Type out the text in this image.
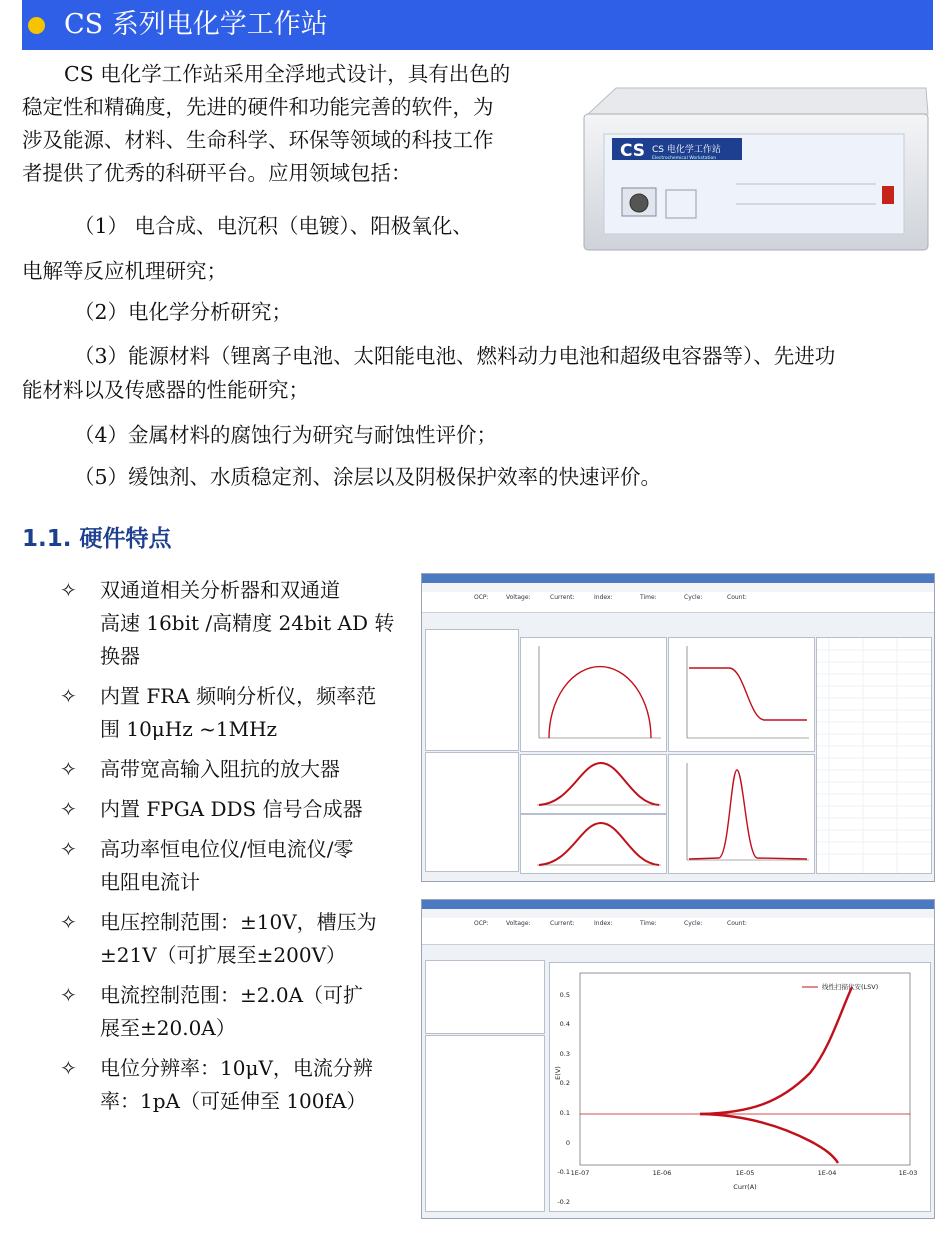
CS 系列电化学工作站
CS 电化学工作站采用全浮地式设计，具有出色的
稳定性和精确度，先进的硬件和功能完善的软件，为
涉及能源、材料、生命科学、环保等领域的科技工作
者提供了优秀的科研平台。应用领域包括：
（1） 电合成、电沉积（电镀）、阳极氧化、
电解等反应机理研究；
（2）电化学分析研究；
（3）能源材料（锂离子电池、太阳能电池、燃料动力电池和超级电容器等）、先进功
能材料以及传感器的性能研究；
（4）金属材料的腐蚀行为研究与耐蚀性评价；
（5）缓蚀剂、水质稳定剂、涂层以及阴极保护效率的快速评价。
1.1. 硬件特点
✧ 双通道相关分析器和双通道
高速 16bit /高精度 24bit AD 转
换器
✧ 内置 FRA 频响分析仪，频率范
围 10μHz ~1MHz
✧ 高带宽高输入阻抗的放大器
✧ 内置 FPGA DDS 信号合成器
✧ 高功率恒电位仪/恒电流仪/零
电阻电流计
✧ 电压控制范围：±10V，槽压为
±21V（可扩展至±200V）
✧ 电流控制范围：±2.0A（可扩
展至±20.0A）
✧ 电位分辨率：10μV，电流分辨
率：1pA（可延伸至 100fA）
CS CS 电化学工作站
Electrochemical Workstation
OCP:	Voltage:	Current:	Index:	Time:	Cycle:	Count:
OCP:	Voltage:	Current:	Index:	Time:	Cycle:	Count:
0.5
0.4
0.3
0.2
0.1
0
-0.1
-0.2
1E-07	1E-06	1E-05	1E-04	1E-03
Curr(A)
E(V)
线性扫描伏安(LSV)
